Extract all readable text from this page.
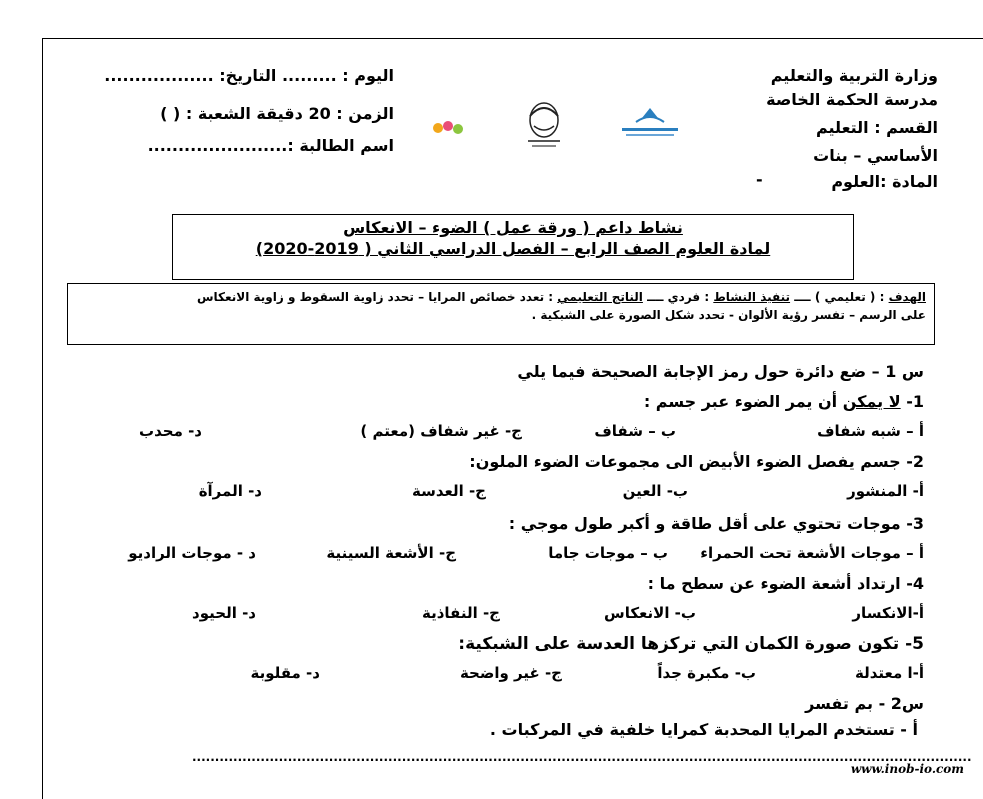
وزارة التربية والتعليم
مدرسة الحكمة الخاصة
القسم : التعليم
الأساسي – بنات
المادة :العلوم
-
اليوم : ......... التاريخ: ..................
الزمن : 20 دقيقة الشعبة : ( )
اسم الطالبة :.......................
نشاط داعم ( ورقة عمل ) الضوء – الانعكاس
لمادة العلوم الصف الرابع – الفصل الدراسي الثاني ( 2019-2020)
الهدف : ( تعليمي ) ــــ تنفيذ النشاط : فردي ــــ الناتج التعليمي : تعدد خصائص المرايا – تحدد زاوية السقوط و زاوية الانعكاس
على الرسم – تفسر رؤية الألوان - تحدد شكل الصورة على الشبكية .
س 1 – ضع دائرة حول رمز الإجابة الصحيحة فيما يلي
1- لا يمكن أن يمر الضوء عبر جسم :
أ – شبه شفاف
ب – شفاف
ج- غير شفاف (معتم )
د- محدب
2- جسم يفصل الضوء الأبيض الى مجموعات الضوء الملون:
أ- المنشور
ب- العين
ج- العدسة
د- المرآة
3- موجات تحتوي على أقل طاقة و أكبر طول موجي :
أ – موجات الأشعة تحت الحمراء
ب – موجات جاما
ج- الأشعة السينية
د - موجات الراديو
4- ارتداد أشعة الضوء عن سطح ما :
أ-الانكسار
ب- الانعكاس
ج- النفاذية
د- الحيود
5- تكون صورة الكمان التي تركزها العدسة على الشبكية:
أ-ا معتدلة
ب- مكبرة جداً
ج- غير واضحة
د- مقلوبة
س2 - بم تفسر
أ - تستخدم المرايا المحدبة كمرايا خلفية في المركبات .
...........................................................................................................................................................................
www.inob-io.com
